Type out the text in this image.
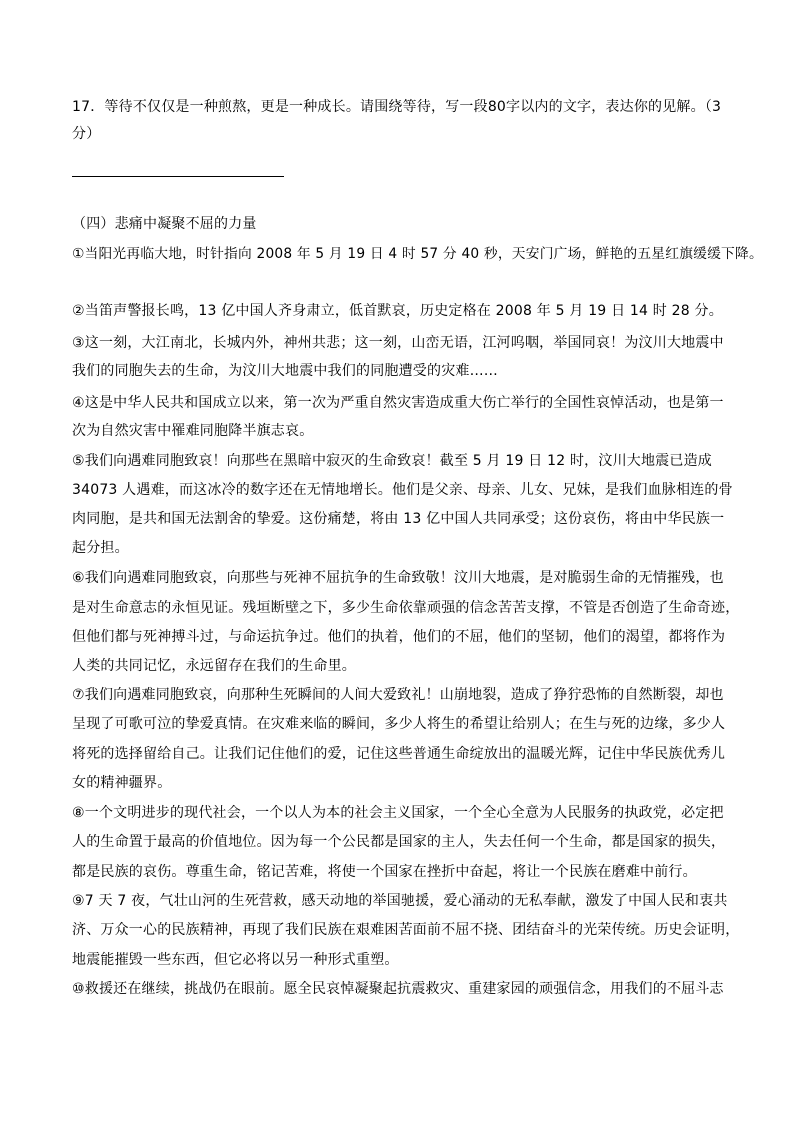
17．等待不仅仅是一种煎熬，更是一种成长。请围绕等待，写一段80字以内的文字，表达你的见解。（3
分）
（四）悲痛中凝聚不屈的力量
①当阳光再临大地，时针指向 2008 年 5 月 19 日 4 时 57 分 40 秒，天安门广场，鲜艳的五星红旗缓缓下降。
②当笛声警报长鸣，13 亿中国人齐身肃立，低首默哀，历史定格在 2008 年 5 月 19 日 14 时 28 分。
③这一刻，大江南北，长城内外，神州共悲；这一刻，山峦无语，江河呜咽，举国同哀！为汶川大地震中
我们的同胞失去的生命，为汶川大地震中我们的同胞遭受的灾难……
④这是中华人民共和国成立以来，第一次为严重自然灾害造成重大伤亡举行的全国性哀悼活动，也是第一
次为自然灾害中罹难同胞降半旗志哀。
⑤我们向遇难同胞致哀！向那些在黑暗中寂灭的生命致哀！截至 5 月 19 日 12 时，汶川大地震已造成
34073 人遇难，而这冰冷的数字还在无情地增长。他们是父亲、母亲、儿女、兄妹，是我们血脉相连的骨
肉同胞，是共和国无法割舍的挚爱。这份痛楚，将由 13 亿中国人共同承受；这份哀伤，将由中华民族一
起分担。
⑥我们向遇难同胞致哀，向那些与死神不屈抗争的生命致敬！汶川大地震，是对脆弱生命的无情摧残，也
是对生命意志的永恒见证。残垣断壁之下，多少生命依靠顽强的信念苦苦支撑，不管是否创造了生命奇迹，
但他们都与死神搏斗过，与命运抗争过。他们的执着，他们的不屈，他们的坚韧，他们的渴望，都将作为
人类的共同记忆，永远留存在我们的生命里。
⑦我们向遇难同胞致哀，向那种生死瞬间的人间大爱致礼！山崩地裂，造成了狰狞恐怖的自然断裂，却也
呈现了可歌可泣的挚爱真情。在灾难来临的瞬间，多少人将生的希望让给别人；在生与死的边缘，多少人
将死的选择留给自己。让我们记住他们的爱，记住这些普通生命绽放出的温暖光辉，记住中华民族优秀儿
女的精神疆界。
⑧一个文明进步的现代社会，一个以人为本的社会主义国家，一个全心全意为人民服务的执政党，必定把
人的生命置于最高的价值地位。因为每一个公民都是国家的主人，失去任何一个生命，都是国家的损失，
都是民族的哀伤。尊重生命，铭记苦难，将使一个国家在挫折中奋起，将让一个民族在磨难中前行。
⑨7 天 7 夜，气壮山河的生死营救，感天动地的举国驰援，爱心涌动的无私奉献，激发了中国人民和衷共
济、万众一心的民族精神，再现了我们民族在艰难困苦面前不屈不挠、团结奋斗的光荣传统。历史会证明，
地震能摧毁一些东西，但它必将以另一种形式重塑。
⑩救援还在继续，挑战仍在眼前。愿全民哀悼凝聚起抗震救灾、重建家园的顽强信念，用我们的不屈斗志
